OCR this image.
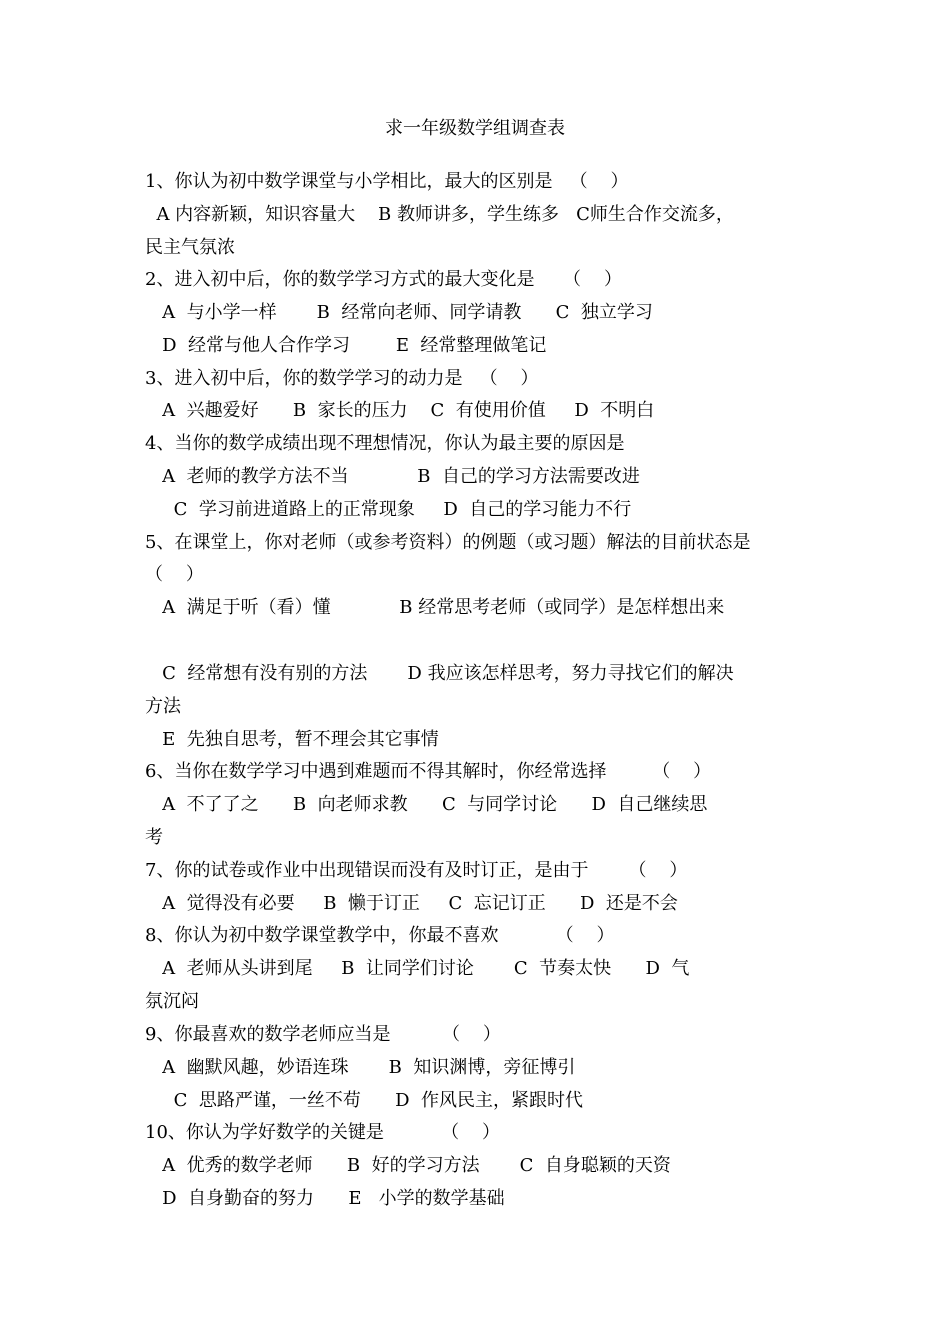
求一年级数学组调查表
1、你认为初中数学课堂与小学相比，最大的区别是   （    ）
A 内容新颖，知识容量大    B 教师讲多，学生练多   C师生合作交流多，
民主气氛浓
2、进入初中后，你的数学学习方式的最大变化是     （    ）
A  与小学一样       B  经常向老师、同学请教      C  独立学习
D  经常与他人合作学习        E  经常整理做笔记
3、进入初中后，你的数学学习的动力是   （    ）
A  兴趣爱好      B  家长的压力    C  有使用价值     D  不明白
4、当你的数学成绩出现不理想情况，你认为最主要的原因是
A  老师的教学方法不当            B  自己的学习方法需要改进
C  学习前进道路上的正常现象     D  自己的学习能力不行
5、在课堂上，你对老师（或参考资料）的例题（或习题）解法的目前状态是
（    ）
A  满足于听（看）懂            B 经常思考老师（或同学）是怎样想出来
C  经常想有没有别的方法       D 我应该怎样思考，努力寻找它们的解决
方法
E  先独自思考，暂不理会其它事情
6、当你在数学学习中遇到难题而不得其解时，你经常选择        （    ）
A  不了了之      B  向老师求教      C  与同学讨论      D  自己继续思
考
7、你的试卷或作业中出现错误而没有及时订正，是由于       （    ）
A  觉得没有必要     B  懒于订正     C  忘记订正      D  还是不会
8、你认为初中数学课堂教学中，你最不喜欢          （    ）
A  老师从头讲到尾     B  让同学们讨论       C  节奏太快      D  气
氛沉闷
9、你最喜欢的数学老师应当是         （    ）
A  幽默风趣，妙语连珠       B  知识渊博，旁征博引
C  思路严谨，一丝不苟      D  作风民主，紧跟时代
10、你认为学好数学的关键是          （    ）
A  优秀的数学老师      B  好的学习方法       C  自身聪颖的天资
D  自身勤奋的努力      E   小学的数学基础
